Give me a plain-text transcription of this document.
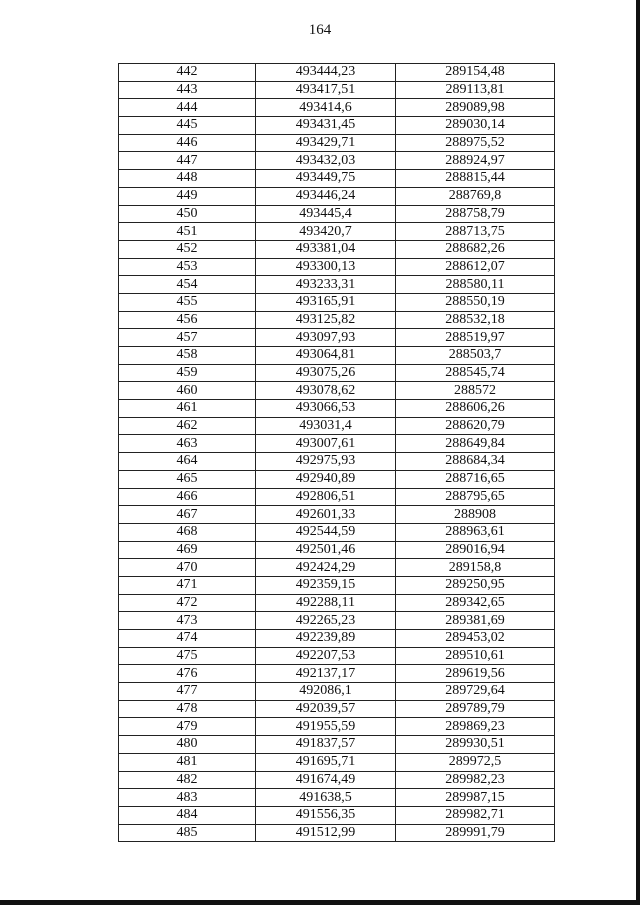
164
442	493444,23	289154,48
443	493417,51	289113,81
444	493414,6	289089,98
445	493431,45	289030,14
446	493429,71	288975,52
447	493432,03	288924,97
448	493449,75	288815,44
449	493446,24	288769,8
450	493445,4	288758,79
451	493420,7	288713,75
452	493381,04	288682,26
453	493300,13	288612,07
454	493233,31	288580,11
455	493165,91	288550,19
456	493125,82	288532,18
457	493097,93	288519,97
458	493064,81	288503,7
459	493075,26	288545,74
460	493078,62	288572
461	493066,53	288606,26
462	493031,4	288620,79
463	493007,61	288649,84
464	492975,93	288684,34
465	492940,89	288716,65
466	492806,51	288795,65
467	492601,33	288908
468	492544,59	288963,61
469	492501,46	289016,94
470	492424,29	289158,8
471	492359,15	289250,95
472	492288,11	289342,65
473	492265,23	289381,69
474	492239,89	289453,02
475	492207,53	289510,61
476	492137,17	289619,56
477	492086,1	289729,64
478	492039,57	289789,79
479	491955,59	289869,23
480	491837,57	289930,51
481	491695,71	289972,5
482	491674,49	289982,23
483	491638,5	289987,15
484	491556,35	289982,71
485	491512,99	289991,79
